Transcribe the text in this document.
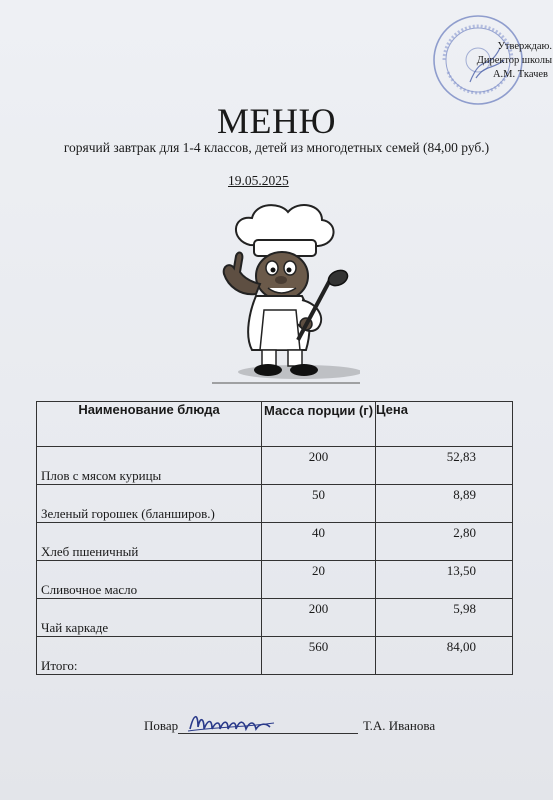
Утверждаю.
Директор школы
А.М. Ткачев
МЕНЮ
горячий завтрак для 1-4 классов, детей из многодетных семей (84,00 руб.)
19.05.2025
Наименование блюда	Масса порции (г)	Цена

Плов с мясом курицы	200	52,83

Зеленый горошек (бланширов.)	50	8,89

Хлеб пшеничный	40	2,80

Сливочное масло	20	13,50

Чай каркаде	200	5,98

Итого:	560	84,00
Повар	Т.А. Иванова
